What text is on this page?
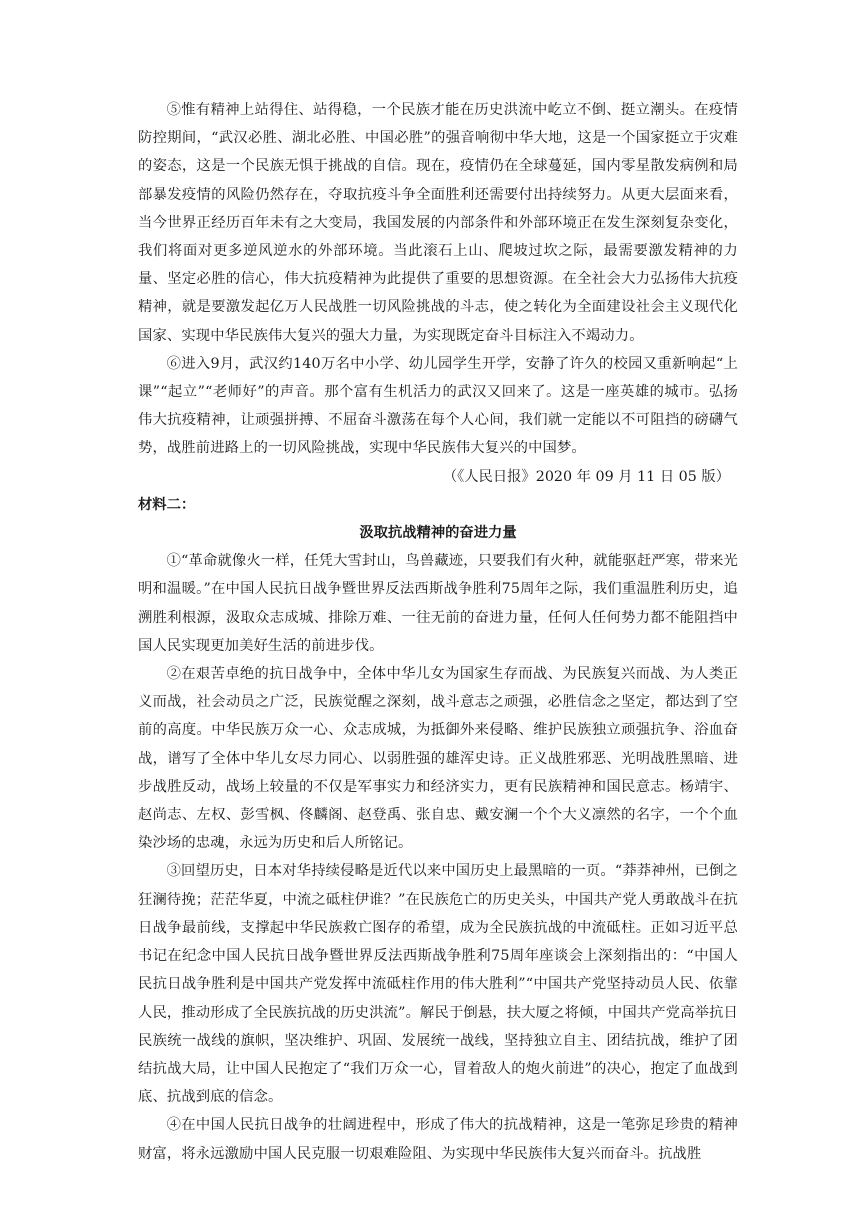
⑤惟有精神上站得住、站得稳，一个民族才能在历史洪流中屹立不倒、挺立潮头。在疫情防控期间，“武汉必胜、湖北必胜、中国必胜”的强音响彻中华大地，这是一个国家挺立于灾难的姿态，这是一个民族无惧于挑战的自信。现在，疫情仍在全球蔓延，国内零星散发病例和局部暴发疫情的风险仍然存在，夺取抗疫斗争全面胜利还需要付出持续努力。从更大层面来看，当今世界正经历百年未有之大变局，我国发展的内部条件和外部环境正在发生深刻复杂变化，我们将面对更多逆风逆水的外部环境。当此滚石上山、爬坡过坎之际，最需要激发精神的力量、坚定必胜的信心，伟大抗疫精神为此提供了重要的思想资源。在全社会大力弘扬伟大抗疫精神，就是要激发起亿万人民战胜一切风险挑战的斗志，使之转化为全面建设社会主义现代化国家、实现中华民族伟大复兴的强大力量，为实现既定奋斗目标注入不竭动力。

⑥进入9月，武汉约140万名中小学、幼儿园学生开学，安静了许久的校园又重新响起“上课”“起立”“老师好”的声音。那个富有生机活力的武汉又回来了。这是一座英雄的城市。弘扬伟大抗疫精神，让顽强拼搏、不屈奋斗激荡在每个人心间，我们就一定能以不可阻挡的磅礴气势，战胜前进路上的一切风险挑战，实现中华民族伟大复兴的中国梦。

（《人民日报》2020 年 09 月 11 日 05 版）

材料二：

汲取抗战精神的奋进力量

①“革命就像火一样，任凭大雪封山，鸟兽藏迹，只要我们有火种，就能驱赶严寒，带来光明和温暖。”在中国人民抗日战争暨世界反法西斯战争胜利75周年之际，我们重温胜利历史，追溯胜利根源，汲取众志成城、排除万难、一往无前的奋进力量，任何人任何势力都不能阻挡中国人民实现更加美好生活的前进步伐。

②在艰苦卓绝的抗日战争中，全体中华儿女为国家生存而战、为民族复兴而战、为人类正义而战，社会动员之广泛，民族觉醒之深刻，战斗意志之顽强，必胜信念之坚定，都达到了空前的高度。中华民族万众一心、众志成城，为抵御外来侵略、维护民族独立顽强抗争、浴血奋战，谱写了全体中华儿女尽力同心、以弱胜强的雄浑史诗。正义战胜邪恶、光明战胜黑暗、进步战胜反动，战场上较量的不仅是军事实力和经济实力，更有民族精神和国民意志。杨靖宇、赵尚志、左权、彭雪枫、佟麟阁、赵登禹、张自忠、戴安澜一个个大义凛然的名字，一个个血染沙场的忠魂，永远为历史和后人所铭记。

③回望历史，日本对华持续侵略是近代以来中国历史上最黑暗的一页。“莽莽神州，已倒之狂澜待挽；茫茫华夏，中流之砥柱伊谁？”在民族危亡的历史关头，中国共产党人勇敢战斗在抗日战争最前线，支撑起中华民族救亡图存的希望，成为全民族抗战的中流砥柱。正如习近平总书记在纪念中国人民抗日战争暨世界反法西斯战争胜利75周年座谈会上深刻指出的：“中国人民抗日战争胜利是中国共产党发挥中流砥柱作用的伟大胜利”“中国共产党坚持动员人民、依靠人民，推动形成了全民族抗战的历史洪流”。解民于倒悬，扶大厦之将倾，中国共产党高举抗日民族统一战线的旗帜，坚决维护、巩固、发展统一战线，坚持独立自主、团结抗战，维护了团结抗战大局，让中国人民抱定了“我们万众一心，冒着敌人的炮火前进”的决心，抱定了血战到底、抗战到底的信念。

④在中国人民抗日战争的壮阔进程中，形成了伟大的抗战精神，这是一笔弥足珍贵的精神财富，将永远激励中国人民克服一切艰难险阻、为实现中华民族伟大复兴而奋斗。抗战胜
